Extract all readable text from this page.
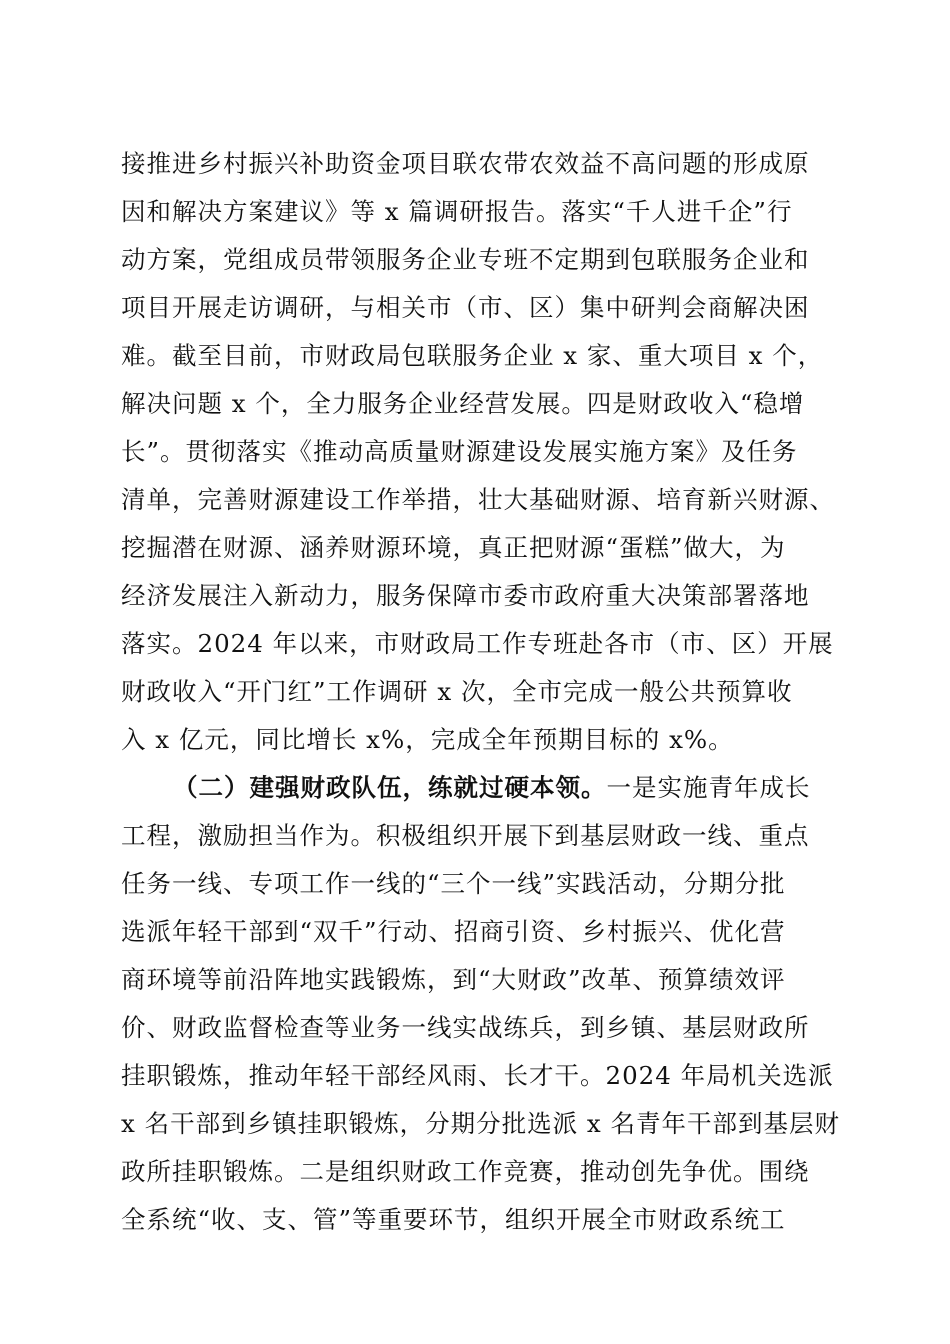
接推进乡村振兴补助资金项目联农带农效益不高问题的形成原
因和解决方案建议》等 x 篇调研报告。落实“千人进千企”行
动方案，党组成员带领服务企业专班不定期到包联服务企业和
项目开展走访调研，与相关市（市、区）集中研判会商解决困
难。截至目前，市财政局包联服务企业 x 家、重大项目 x 个，
解决问题 x 个，全力服务企业经营发展。四是财政收入“稳增
长”。贯彻落实《推动高质量财源建设发展实施方案》及任务
清单，完善财源建设工作举措，壮大基础财源、培育新兴财源、
挖掘潜在财源、涵养财源环境，真正把财源“蛋糕”做大，为
经济发展注入新动力，服务保障市委市政府重大决策部署落地
落实。2024 年以来，市财政局工作专班赴各市（市、区）开展
财政收入“开门红”工作调研 x 次，全市完成一般公共预算收
入 x 亿元，同比增长 x%，完成全年预期目标的 x%。
（二）建强财政队伍，练就过硬本领。一是实施青年成长
工程，激励担当作为。积极组织开展下到基层财政一线、重点
任务一线、专项工作一线的“三个一线”实践活动，分期分批
选派年轻干部到“双千”行动、招商引资、乡村振兴、优化营
商环境等前沿阵地实践锻炼，到“大财政”改革、预算绩效评
价、财政监督检查等业务一线实战练兵，到乡镇、基层财政所
挂职锻炼，推动年轻干部经风雨、长才干。2024 年局机关选派
x 名干部到乡镇挂职锻炼，分期分批选派 x 名青年干部到基层财
政所挂职锻炼。二是组织财政工作竞赛，推动创先争优。围绕
全系统“收、支、管”等重要环节，组织开展全市财政系统工
